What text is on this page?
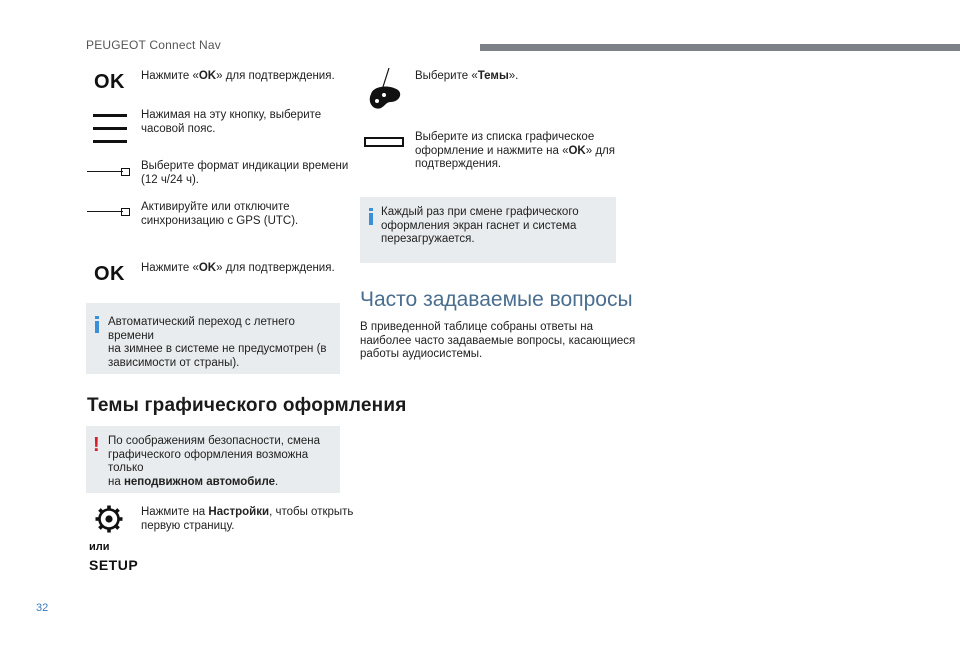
PEUGEOT Connect Nav
OK Нажмите «OK» для подтверждения.
Нажимая на эту кнопку, выберите
часовой пояс.
Выберите формат индикации времени
(12 ч/24 ч).
Активируйте или отключите
синхронизацию с GPS (UTC).
OK Нажмите «OK» для подтверждения.
Автоматический переход с летнего времени
на зимнее в системе не предусмотрен (в
зависимости от страны).
Темы графического оформления
! По соображениям безопасности, смена
графического оформления возможна только
на неподвижном автомобиле.
Нажмите на Настройки, чтобы открыть
первую страницу.
или
SETUP
Выберите «Темы».
Выберите из списка графическое
оформление и нажмите на «OK» для
подтверждения.
Каждый раз при смене графического
оформления экран гаснет и система
перезагружается.
Часто задаваемые вопросы
В приведенной таблице собраны ответы на
наиболее часто задаваемые вопросы, касающиеся
работы аудиосистемы.
32
